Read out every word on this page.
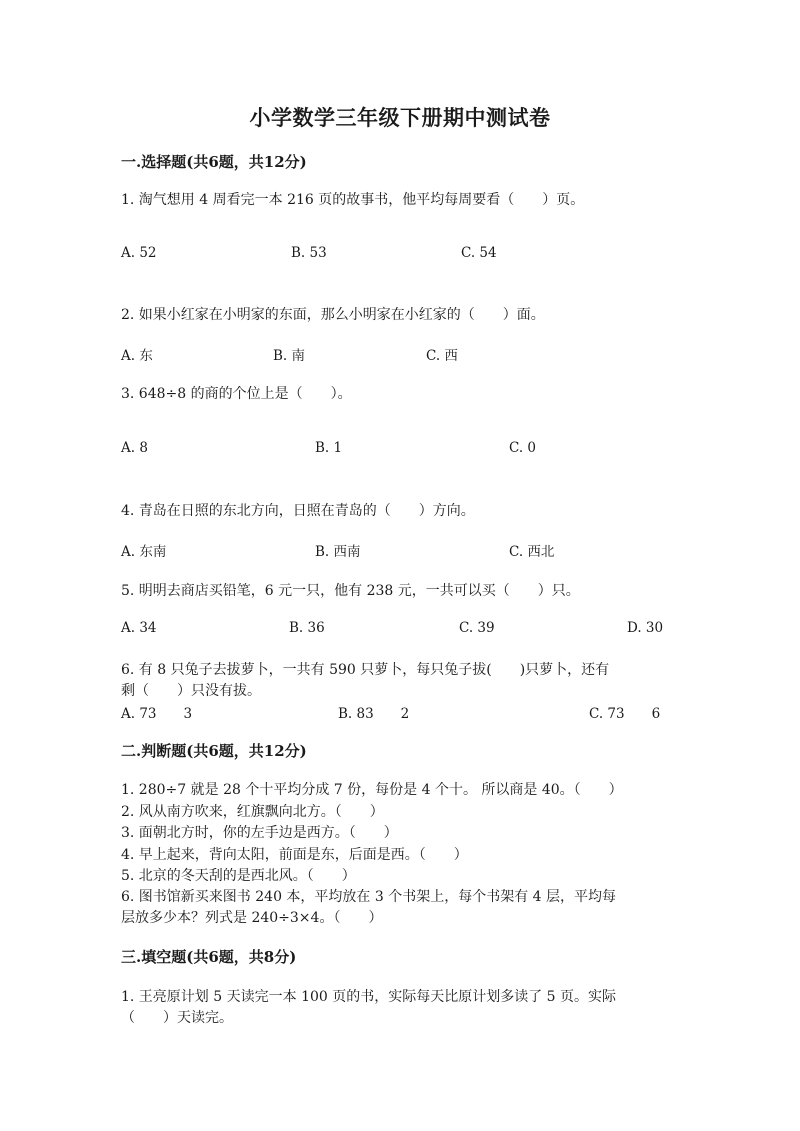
小学数学三年级下册期中测试卷
一.选择题(共6题，共12分)
1. 淘气想用 4 周看完一本 216 页的故事书，他平均每周要看（　　）页。
A. 52	B. 53	C. 54
2. 如果小红家在小明家的东面，那么小明家在小红家的（　　）面。
A. 东	B. 南	C. 西
3. 648÷8 的商的个位上是（　　）。
A. 8	B. 1	C. 0
4. 青岛在日照的东北方向，日照在青岛的（　　）方向。
A. 东南	B. 西南	C. 西北
5. 明明去商店买铅笔，6 元一只，他有 238 元，一共可以买（　　）只。
A. 34	B. 36	C. 39	D. 30
6. 有 8 只兔子去拔萝卜，一共有 590 只萝卜，每只兔子拔(　　)只萝卜，还有
剩（　　）只没有拔。
A. 73　　3	B. 83　　2	C. 73　　6
二.判断题(共6题，共12分)
1. 280÷7 就是 28 个十平均分成 7 份，每份是 4 个十。 所以商是 40。（　　）
2. 风从南方吹来，红旗飘向北方。（　　）
3. 面朝北方时，你的左手边是西方。（　　）
4. 早上起来，背向太阳，前面是东，后面是西。（　　）
5. 北京的冬天刮的是西北风。（　　）
6. 图书馆新买来图书 240 本，平均放在 3 个书架上，每个书架有 4 层，平均每
层放多少本？列式是 240÷3×4。（　　）
三.填空题(共6题，共8分)
1. 王亮原计划 5 天读完一本 100 页的书，实际每天比原计划多读了 5 页。实际
（　　）天读完。
